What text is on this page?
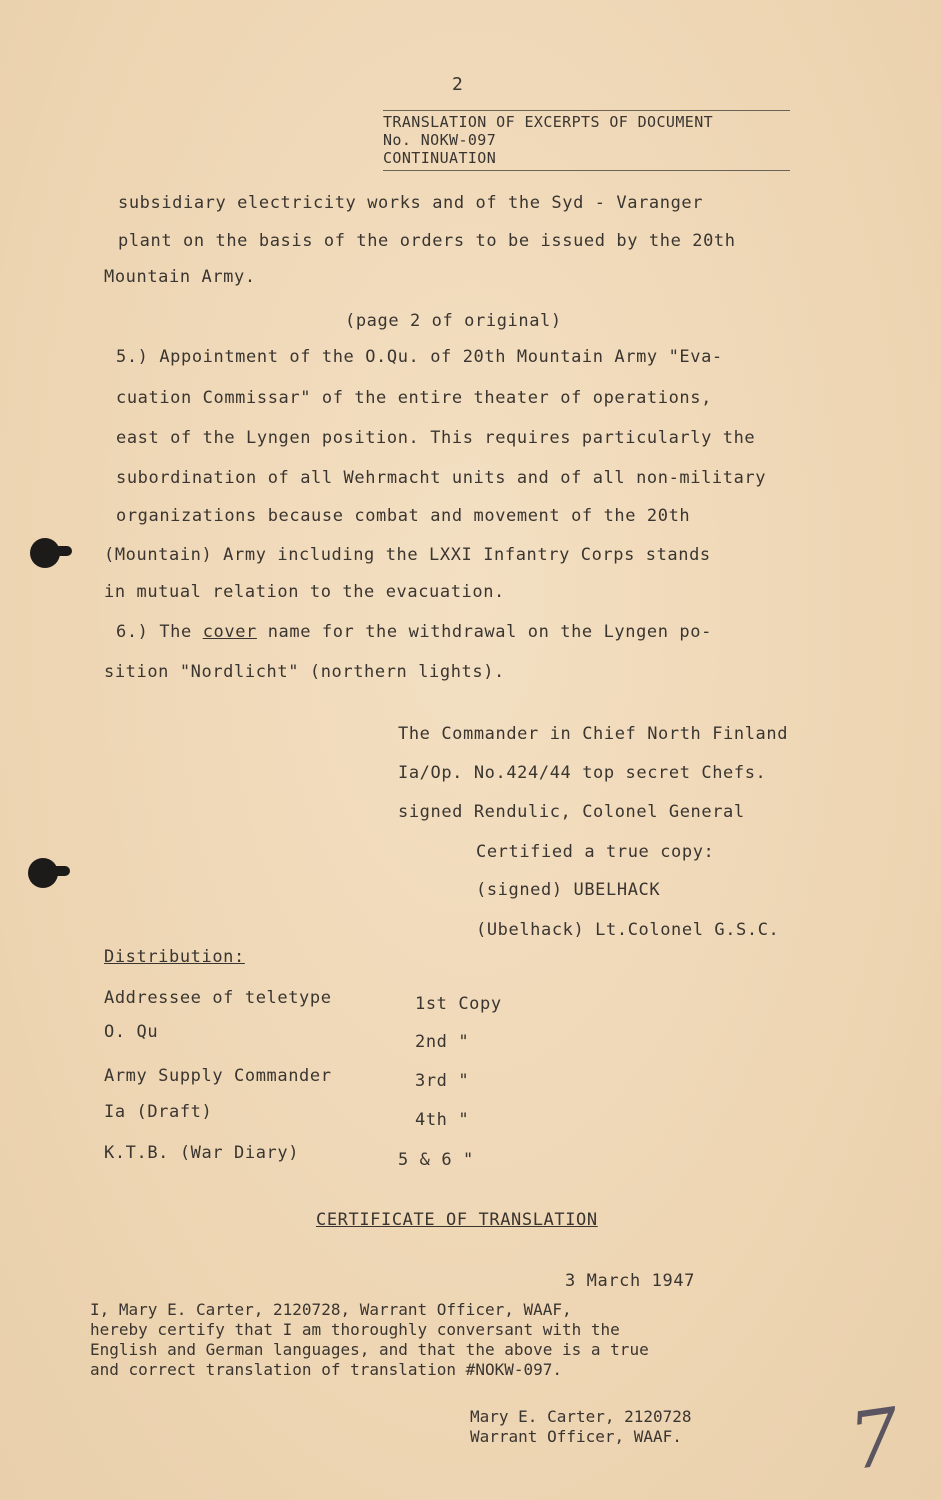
2
TRANSLATION OF EXCERPTS OF DOCUMENT
No. NOKW-097
CONTINUATION
subsidiary electricity works and of the Syd - Varanger
plant on the basis of the orders to be issued by the 20th
Mountain Army.
(page 2 of original)
5.) Appointment of the O.Qu. of 20th Mountain Army "Eva-
cuation Commissar" of the entire theater of operations,
east of the Lyngen position. This requires particularly the
subordination of all Wehrmacht units and of all non-military
organizations because combat and movement of the 20th
(Mountain) Army including the LXXI Infantry Corps stands
in mutual relation to the evacuation.
6.) The cover name for the withdrawal on the Lyngen po-
sition "Nordlicht" (northern lights).
The Commander in Chief North Finland
Ia/Op. No.424/44 top secret Chefs.
signed Rendulic, Colonel General
Certified a true copy:
(signed) UBELHACK
(Ubelhack) Lt.Colonel G.S.C.
Distribution:
Addressee of teletype	1st Copy
O. Qu	2nd "
Army Supply Commander	3rd "
Ia (Draft)	4th "
K.T.B. (War Diary)	5 & 6 "
CERTIFICATE OF TRANSLATION
3 March 1947
I, Mary E. Carter, 2120728, Warrant Officer, WAAF,
hereby certify that I am thoroughly conversant with the
English and German languages, and that the above is a true
and correct translation of translation #NOKW-097.
Mary E. Carter, 2120728
Warrant Officer, WAAF. 7
